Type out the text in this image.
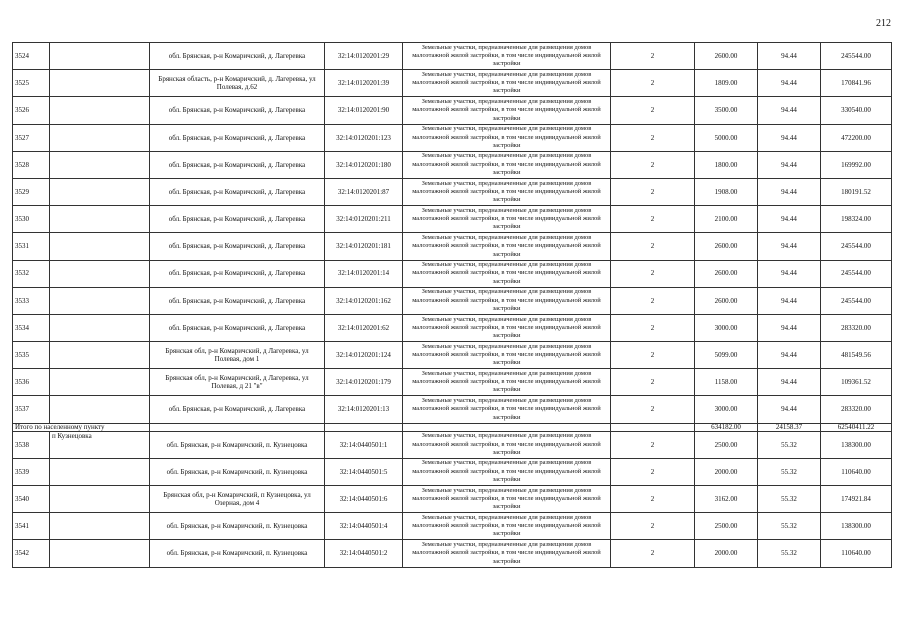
212
3524		обл. Брянская, р-н Комаричский, д. Лагеревка	32:14:0120201:29	Земельные участки, предназначенные для размещения домов малоэтажной жилой застройки, в том числе индивидуальной жилой застройки	2	2600.00	94.44	245544.00
3525		Брянская область, р-н Комаричский, д. Лагеревка, ул Полевая, д.62	32:14:0120201:39	Земельные участки, предназначенные для размещения домов малоэтажной жилой застройки, в том числе индивидуальной жилой застройки	2	1809.00	94.44	170841.96
3526		обл. Брянская, р-н Комаричский, д. Лагеревка	32:14:0120201:90	Земельные участки, предназначенные для размещения домов малоэтажной жилой застройки, в том числе индивидуальной жилой застройки	2	3500.00	94.44	330540.00
3527		обл. Брянская, р-н Комаричский, д. Лагеревка	32:14:0120201:123	Земельные участки, предназначенные для размещения домов малоэтажной жилой застройки, в том числе индивидуальной жилой застройки	2	5000.00	94.44	472200.00
3528		обл. Брянская, р-н Комаричский, д. Лагеревка	32:14:0120201:180	Земельные участки, предназначенные для размещения домов малоэтажной жилой застройки, в том числе индивидуальной жилой застройки	2	1800.00	94.44	169992.00
3529		обл. Брянская, р-н Комаричский, д. Лагеревка	32:14:0120201:87	Земельные участки, предназначенные для размещения домов малоэтажной жилой застройки, в том числе индивидуальной жилой застройки	2	1908.00	94.44	180191.52
3530		обл. Брянская, р-н Комаричский, д. Лагеревка	32:14:0120201:211	Земельные участки, предназначенные для размещения домов малоэтажной жилой застройки, в том числе индивидуальной жилой застройки	2	2100.00	94.44	198324.00
3531		обл. Брянская, р-н Комаричский, д. Лагеревка	32:14:0120201:181	Земельные участки, предназначенные для размещения домов малоэтажной жилой застройки, в том числе индивидуальной жилой застройки	2	2600.00	94.44	245544.00
3532		обл. Брянская, р-н Комаричский, д. Лагеревка	32:14:0120201:14	Земельные участки, предназначенные для размещения домов малоэтажной жилой застройки, в том числе индивидуальной жилой застройки	2	2600.00	94.44	245544.00
3533		обл. Брянская, р-н Комаричский, д. Лагеревка	32:14:0120201:162	Земельные участки, предназначенные для размещения домов малоэтажной жилой застройки, в том числе индивидуальной жилой застройки	2	2600.00	94.44	245544.00
3534		обл. Брянская, р-н Комаричский, д. Лагеревка	32:14:0120201:62	Земельные участки, предназначенные для размещения домов малоэтажной жилой застройки, в том числе индивидуальной жилой застройки	2	3000.00	94.44	283320.00
3535		Брянская обл, р-н Комаричский, д Лагеревка, ул Полевая, дом 1	32:14:0120201:124	Земельные участки, предназначенные для размещения домов малоэтажной жилой застройки, в том числе индивидуальной жилой застройки	2	5099.00	94.44	481549.56
3536		Брянская обл, р-н Комаричский, д Лагеревка, ул Полевая, д 21 "в"	32:14:0120201:179	Земельные участки, предназначенные для размещения домов малоэтажной жилой застройки, в том числе индивидуальной жилой застройки	2	1158.00	94.44	109361.52
3537		обл. Брянская, р-н Комаричский, д. Лагеревка	32:14:0120201:13	Земельные участки, предназначенные для размещения домов малоэтажной жилой застройки, в том числе индивидуальной жилой застройки	2	3000.00	94.44	283320.00
Итого по населенному пункту						634182.00	24158.37	62540411.22
3538	п Кузнецовка	обл. Брянская, р-н Комаричский, п. Кузнецовка	32:14:0440501:1	Земельные участки, предназначенные для размещения домов малоэтажной жилой застройки, в том числе индивидуальной жилой застройки	2	2500.00	55.32	138300.00
3539		обл. Брянская, р-н Комаричский, п. Кузнецовка	32:14:0440501:5	Земельные участки, предназначенные для размещения домов малоэтажной жилой застройки, в том числе индивидуальной жилой застройки	2	2000.00	55.32	110640.00
3540		Брянская обл, р-н Комаричский, п Кузнецовка, ул Озерная, дом 4	32:14:0440501:6	Земельные участки, предназначенные для размещения домов малоэтажной жилой застройки, в том числе индивидуальной жилой застройки	2	3162.00	55.32	174921.84
3541		обл. Брянская, р-н Комаричский, п. Кузнецовка	32:14:0440501:4	Земельные участки, предназначенные для размещения домов малоэтажной жилой застройки, в том числе индивидуальной жилой застройки	2	2500.00	55.32	138300.00
3542		обл. Брянская, р-н Комаричский, п. Кузнецовка	32:14:0440501:2	Земельные участки, предназначенные для размещения домов малоэтажной жилой застройки, в том числе индивидуальной жилой застройки	2	2000.00	55.32	110640.00
